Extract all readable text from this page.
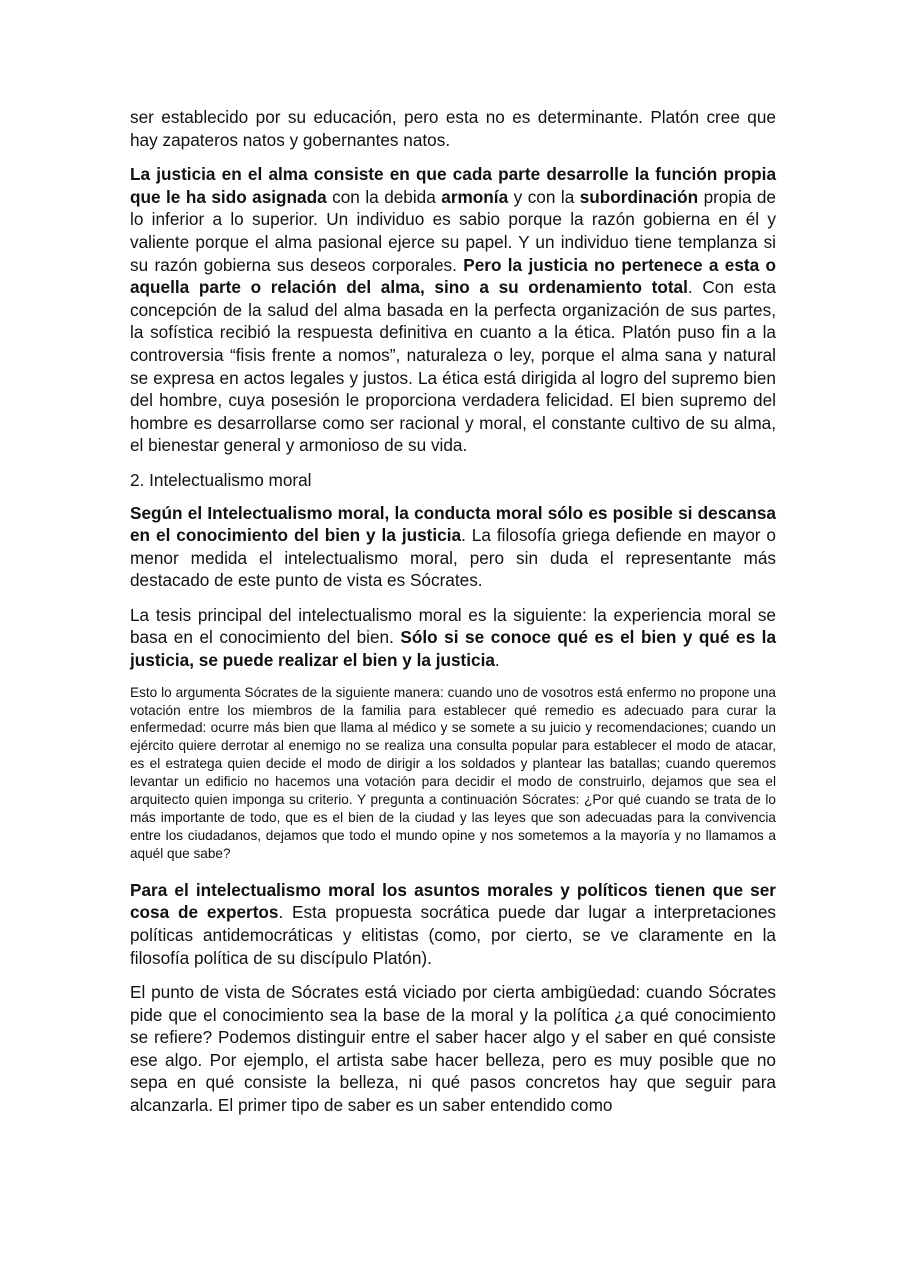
ser establecido por su educación, pero esta no es determinante. Platón cree que hay zapateros natos y gobernantes natos.

La justicia en el alma consiste en que cada parte desarrolle la función propia que le ha sido asignada con la debida armonía y con la subordinación propia de lo inferior a lo superior. Un individuo es sabio porque la razón gobierna en él y valiente porque el alma pasional ejerce su papel. Y un individuo tiene templanza si su razón gobierna sus deseos corporales. Pero la justicia no pertenece a esta o aquella parte o relación del alma, sino a su ordenamiento total. Con esta concepción de la salud del alma basada en la perfecta organización de sus partes, la sofística recibió la respuesta definitiva en cuanto a la ética. Platón puso fin a la controversia “fisis frente a nomos”, naturaleza o ley, porque el alma sana y natural se expresa en actos legales y justos. La ética está dirigida al logro del supremo bien del hombre, cuya posesión le proporciona verdadera felicidad. El bien supremo del hombre es desarrollarse como ser racional y moral, el constante cultivo de su alma, el bienestar general y armonioso de su vida.

2. Intelectualismo moral

Según el Intelectualismo moral, la conducta moral sólo es posible si descansa en el conocimiento del bien y la justicia. La filosofía griega defiende en mayor o menor medida el intelectualismo moral, pero sin duda el representante más destacado de este punto de vista es Sócrates.

La tesis principal del intelectualismo moral es la siguiente: la experiencia moral se basa en el conocimiento del bien. Sólo si se conoce qué es el bien y qué es la justicia, se puede realizar el bien y la justicia.

Esto lo argumenta Sócrates de la siguiente manera: cuando uno de vosotros está enfermo no propone una votación entre los miembros de la familia para establecer qué remedio es adecuado para curar la enfermedad: ocurre más bien que llama al médico y se somete a su juicio y recomendaciones; cuando un ejército quiere derrotar al enemigo no se realiza una consulta popular para establecer el modo de atacar, es el estratega quien decide el modo de dirigir a los soldados y plantear las batallas; cuando queremos levantar un edificio no hacemos una votación para decidir el modo de construirlo, dejamos que sea el arquitecto quien imponga su criterio. Y pregunta a continuación Sócrates: ¿Por qué cuando se trata de lo más importante de todo, que es el bien de la ciudad y las leyes que son adecuadas para la convivencia entre los ciudadanos, dejamos que todo el mundo opine y nos sometemos a la mayoría y no llamamos a aquél que sabe?

Para el intelectualismo moral los asuntos morales y políticos tienen que ser cosa de expertos. Esta propuesta socrática puede dar lugar a interpretaciones políticas antidemocráticas y elitistas (como, por cierto, se ve claramente en la filosofía política de su discípulo Platón).

El punto de vista de Sócrates está viciado por cierta ambigüedad: cuando Sócrates pide que el conocimiento sea la base de la moral y la política ¿a qué conocimiento se refiere? Podemos distinguir entre el saber hacer algo y el saber en qué consiste ese algo. Por ejemplo, el artista sabe hacer belleza, pero es muy posible que no sepa en qué consiste la belleza, ni qué pasos concretos hay que seguir para alcanzarla. El primer tipo de saber es un saber entendido como
